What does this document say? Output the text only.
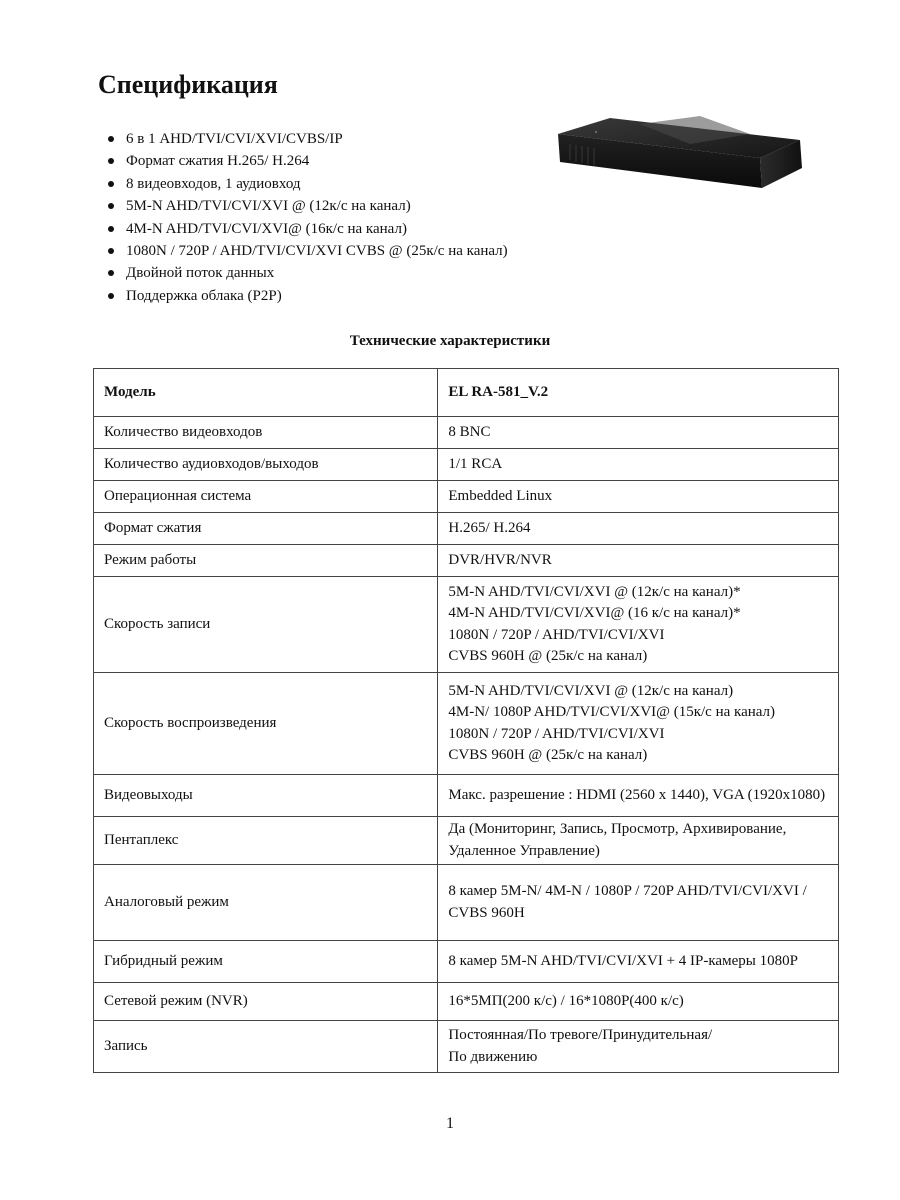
Спецификация
6 в 1 AHD/TVI/CVI/XVI/CVBS/IP
Формат сжатия H.265/ H.264
8 видеовходов, 1 аудиовход
5M-N AHD/TVI/CVI/XVI @ (12к/с на канал)
4M-N AHD/TVI/CVI/XVI@ (16к/с на канал)
1080N / 720P / AHD/TVI/CVI/XVI CVBS @ (25к/с на канал)
Двойной поток данных
Поддержка облака (P2P)
Технические характеристики
Модель	EL RA-581_V.2
Количество видеовходов	8 BNC

Количество аудиовходов/выходов	1/1 RCA

Операционная система	Embedded Linux

Формат сжатия	H.265/ H.264

Режим работы	DVR/HVR/NVR

Скорость записи	5M-N AHD/TVI/CVI/XVI @ (12к/с на канал)*
4M-N AHD/TVI/CVI/XVI@ (16 к/с на канал)*
1080N / 720P / AHD/TVI/CVI/XVI
CVBS 960H @ (25к/с на канал)

Скорость воспроизведения	5M-N AHD/TVI/CVI/XVI @ (12к/с на канал)
4M-N/ 1080P AHD/TVI/CVI/XVI@ (15к/с на канал)
1080N / 720P / AHD/TVI/CVI/XVI
CVBS 960H @ (25к/с на канал)

Видеовыходы	Макс. разрешение : HDMI (2560 x 1440), VGA (1920x1080)

Пентаплекс	Да (Мониторинг, Запись, Просмотр, Архивирование, Удаленное Управление)

Аналоговый режим	8 камер 5M-N/ 4M-N / 1080P / 720P AHD/TVI/CVI/XVI / CVBS 960H

Гибридный режим	8 камер 5M-N AHD/TVI/CVI/XVI + 4 IP-камеры 1080P

Сетевой режим (NVR)	16*5МП(200 к/с) / 16*1080P(400 к/с)

Запись	Постоянная/По тревоге/Принудительная/
По движению
1
